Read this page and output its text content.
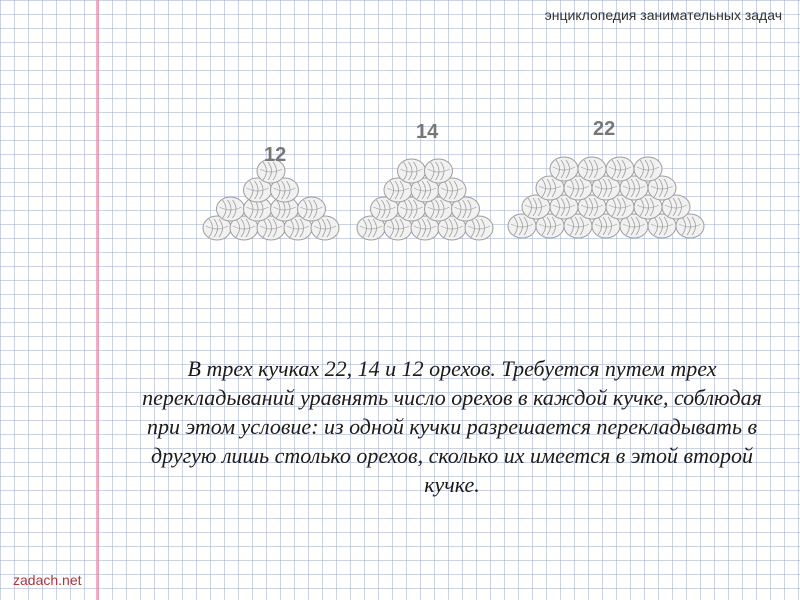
энциклопедия занимательных задач
12
14	22
В трех кучках 22, 14 и 12 орехов. Требуется путем трех перекладываний уравнять число орехов в каждой кучке, соблюдая при этом условие: из одной кучки разрешается перекладывать в другую лишь столько орехов, сколько их имеется в этой второй кучке.
zadach.net
